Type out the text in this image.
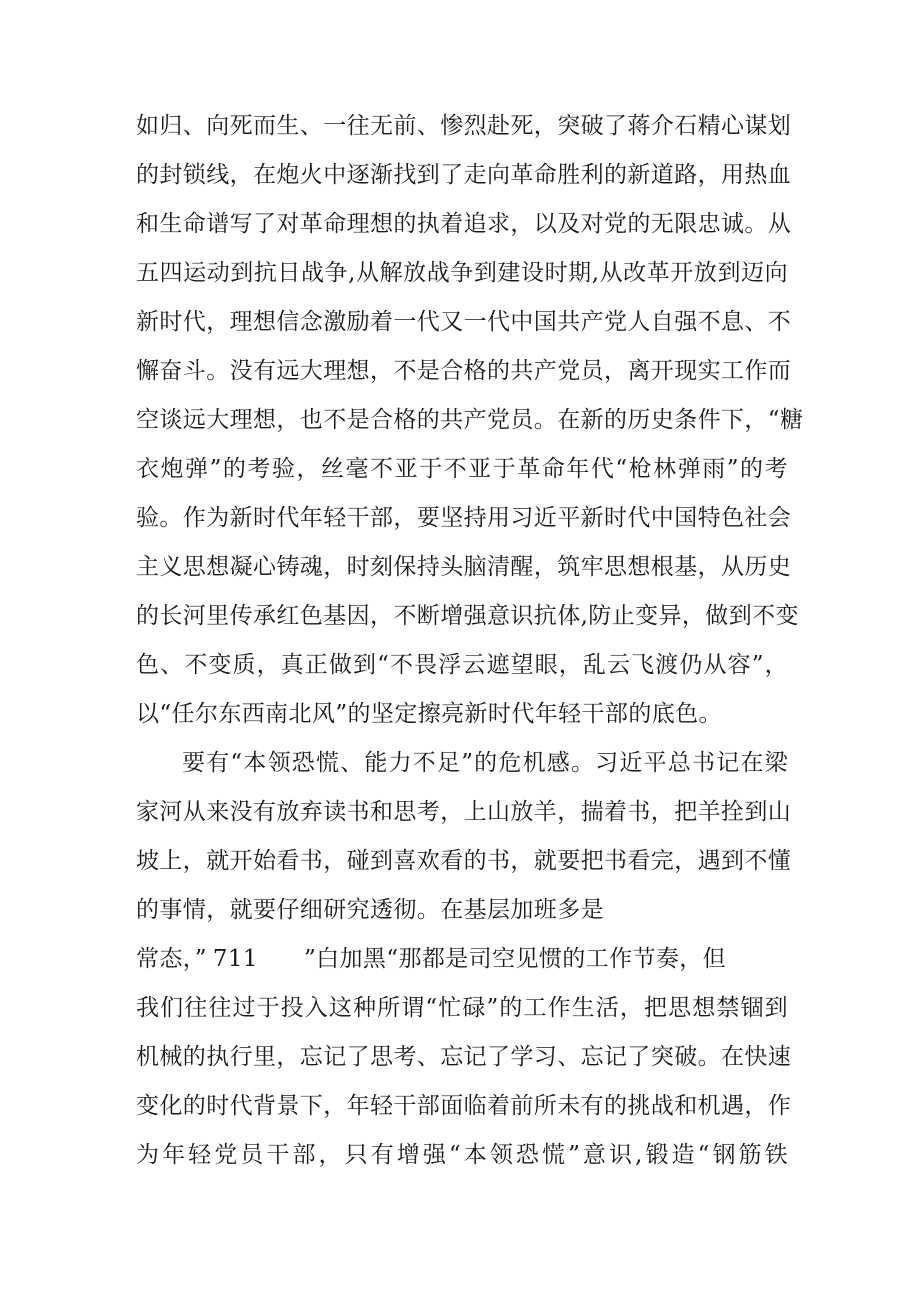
如归、向死而生、一往无前、惨烈赴死，突破了蒋介石精心谋划
的封锁线，在炮火中逐渐找到了走向革命胜利的新道路，用热血
和生命谱写了对革命理想的执着追求，以及对党的无限忠诚。从
五四运动到抗日战争,从解放战争到建设时期,从改革开放到迈向
新时代，理想信念激励着一代又一代中国共产党人自强不息、不
懈奋斗。没有远大理想，不是合格的共产党员，离开现实工作而
空谈远大理想，也不是合格的共产党员。在新的历史条件下，“糖
衣炮弹”的考验，丝毫不亚于不亚于革命年代“枪林弹雨”的考
验。作为新时代年轻干部，要坚持用习近平新时代中国特色社会
主义思想凝心铸魂，时刻保持头脑清醒，筑牢思想根基，从历史
的长河里传承红色基因，不断增强意识抗体,防止变异，做到不变
色、不变质，真正做到“不畏浮云遮望眼，乱云飞渡仍从容”，
以“任尔东西南北风”的坚定擦亮新时代年轻干部的底色。
要有“本领恐慌、能力不足”的危机感。习近平总书记在梁
家河从来没有放弃读书和思考，上山放羊，揣着书，把羊拴到山
坡上，就开始看书，碰到喜欢看的书，就要把书看完，遇到不懂
的事情，就要仔细研究透彻。在基层加班多是
常态，” 711 ”白加黑“那都是司空见惯的工作节奏，但
我们往往过于投入这种所谓“忙碌”的工作生活，把思想禁锢到
机械的执行里，忘记了思考、忘记了学习、忘记了突破。在快速
变化的时代背景下，年轻干部面临着前所未有的挑战和机遇，作
为年轻党员干部，只有增强“本领恐慌”意识,锻造“钢筋铁
